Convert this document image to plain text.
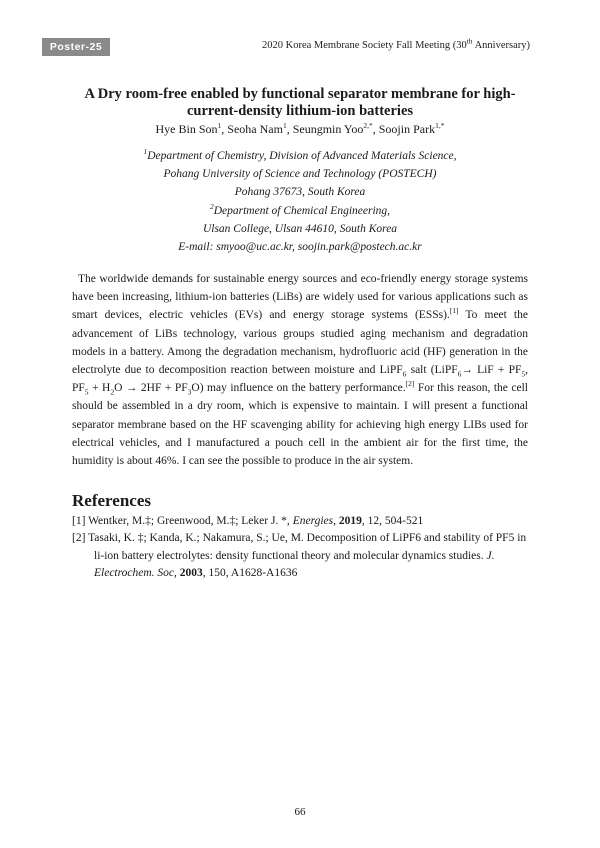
Poster-25	2020 Korea Membrane Society Fall Meeting (30th Anniversary)
A Dry room-free enabled by functional separator membrane for high-
current-density lithium-ion batteries
Hye Bin Son$^1$, Seoha Nam$^1$, Seungmin Yoo$^{2,*}$, Soojin Park$^{1,*}$
$^1$Department of Chemistry, Division of Advanced Materials Science,
Pohang University of Science and Technology (POSTECH)
Pohang 37673, South Korea
$^2$Department of Chemical Engineering,
Ulsan College, Ulsan 44610, South Korea
E-mail: smyoo@uc.ac.kr, soojin.park@postech.ac.kr

The worldwide demands for sustainable energy sources and eco-friendly energy storage systems have been increasing, lithium-ion batteries (LiBs) are widely used for various applications such as smart devices, electric vehicles (EVs) and energy storage systems (ESSs).[1] To meet the advancement of LiBs technology, various groups studied aging mechanism and degradation models in a battery. Among the degradation mechanism, hydrofluoric acid (HF) generation in the electrolyte due to decomposition reaction between moisture and LiPF$_6$ salt (LiPF$_6$→ LiF + $PF_5$, $PF_5 + H_2O \to 2HF + PF_3O$) may influence on the battery performance.[2] For this reason, the cell should be assembled in a dry room, which is expensive to maintain. I will present a functional separator membrane based on the HF scavenging ability for achieving high energy LIBs used for electrical vehicles, and I manufactured a pouch cell in the ambient air for the first time, the humidity is about 46%. I can see the possible to produce in the air system.

References
[1] Wentker, M.‡; Greenwood, M.‡; Leker J. *, Energies, 2019, 12, 504-521
[2] Tasaki, K. ‡; Kanda, K.; Nakamura, S.; Ue, M. Decomposition of LiPF6 and stability of PF5 in li-ion battery electrolytes: density functional theory and molecular dynamics studies. J. Electrochem. Soc, 2003, 150, A1628-A1636
66
